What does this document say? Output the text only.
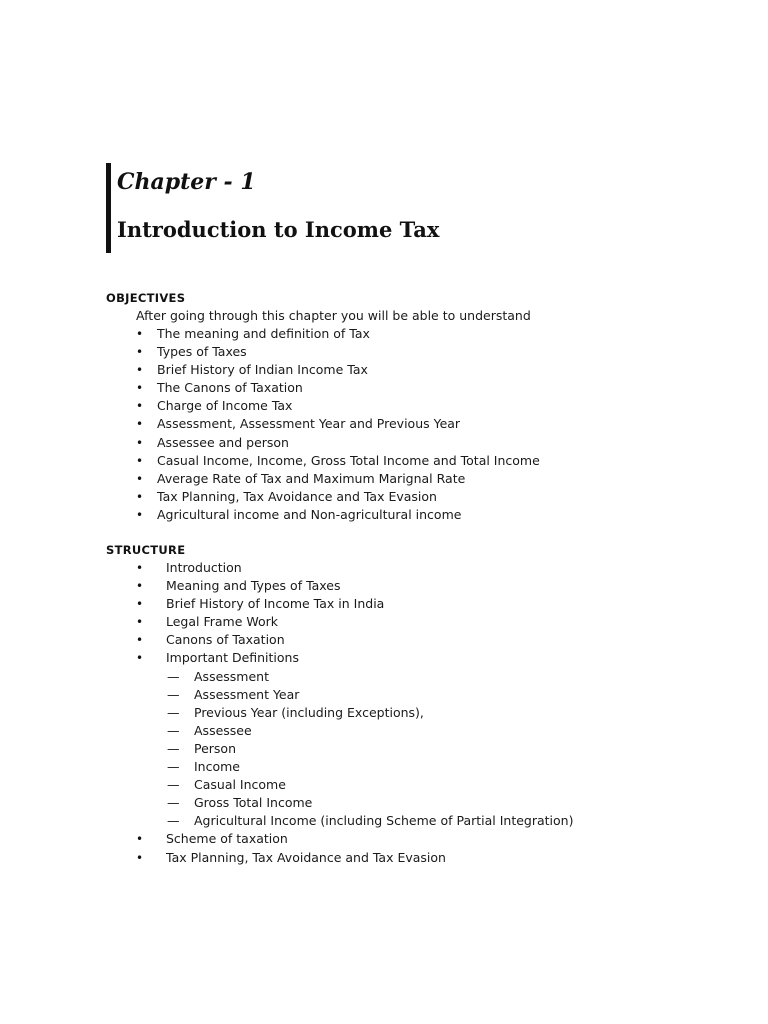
Chapter - 1
Introduction to Income Tax
OBJECTIVES
After going through this chapter you will be able to understand
• The meaning and definition of Tax
• Types of Taxes
• Brief History of Indian Income Tax
• The Canons of Taxation
• Charge of Income Tax
• Assessment, Assessment Year and Previous Year
• Assessee and person
• Casual Income, Income, Gross Total Income and Total Income
• Average Rate of Tax and Maximum Marignal Rate
• Tax Planning, Tax Avoidance and Tax Evasion
• Agricultural income and Non-agricultural income
STRUCTURE
• Introduction
• Meaning and Types of Taxes
• Brief History of Income Tax in India
• Legal Frame Work
• Canons of Taxation
• Important Definitions
— Assessment
— Assessment Year
— Previous Year (including Exceptions),
— Assessee
— Person
— Income
— Casual Income
— Gross Total Income
— Agricultural Income (including Scheme of Partial Integration)
• Scheme of taxation
• Tax Planning, Tax Avoidance and Tax Evasion
